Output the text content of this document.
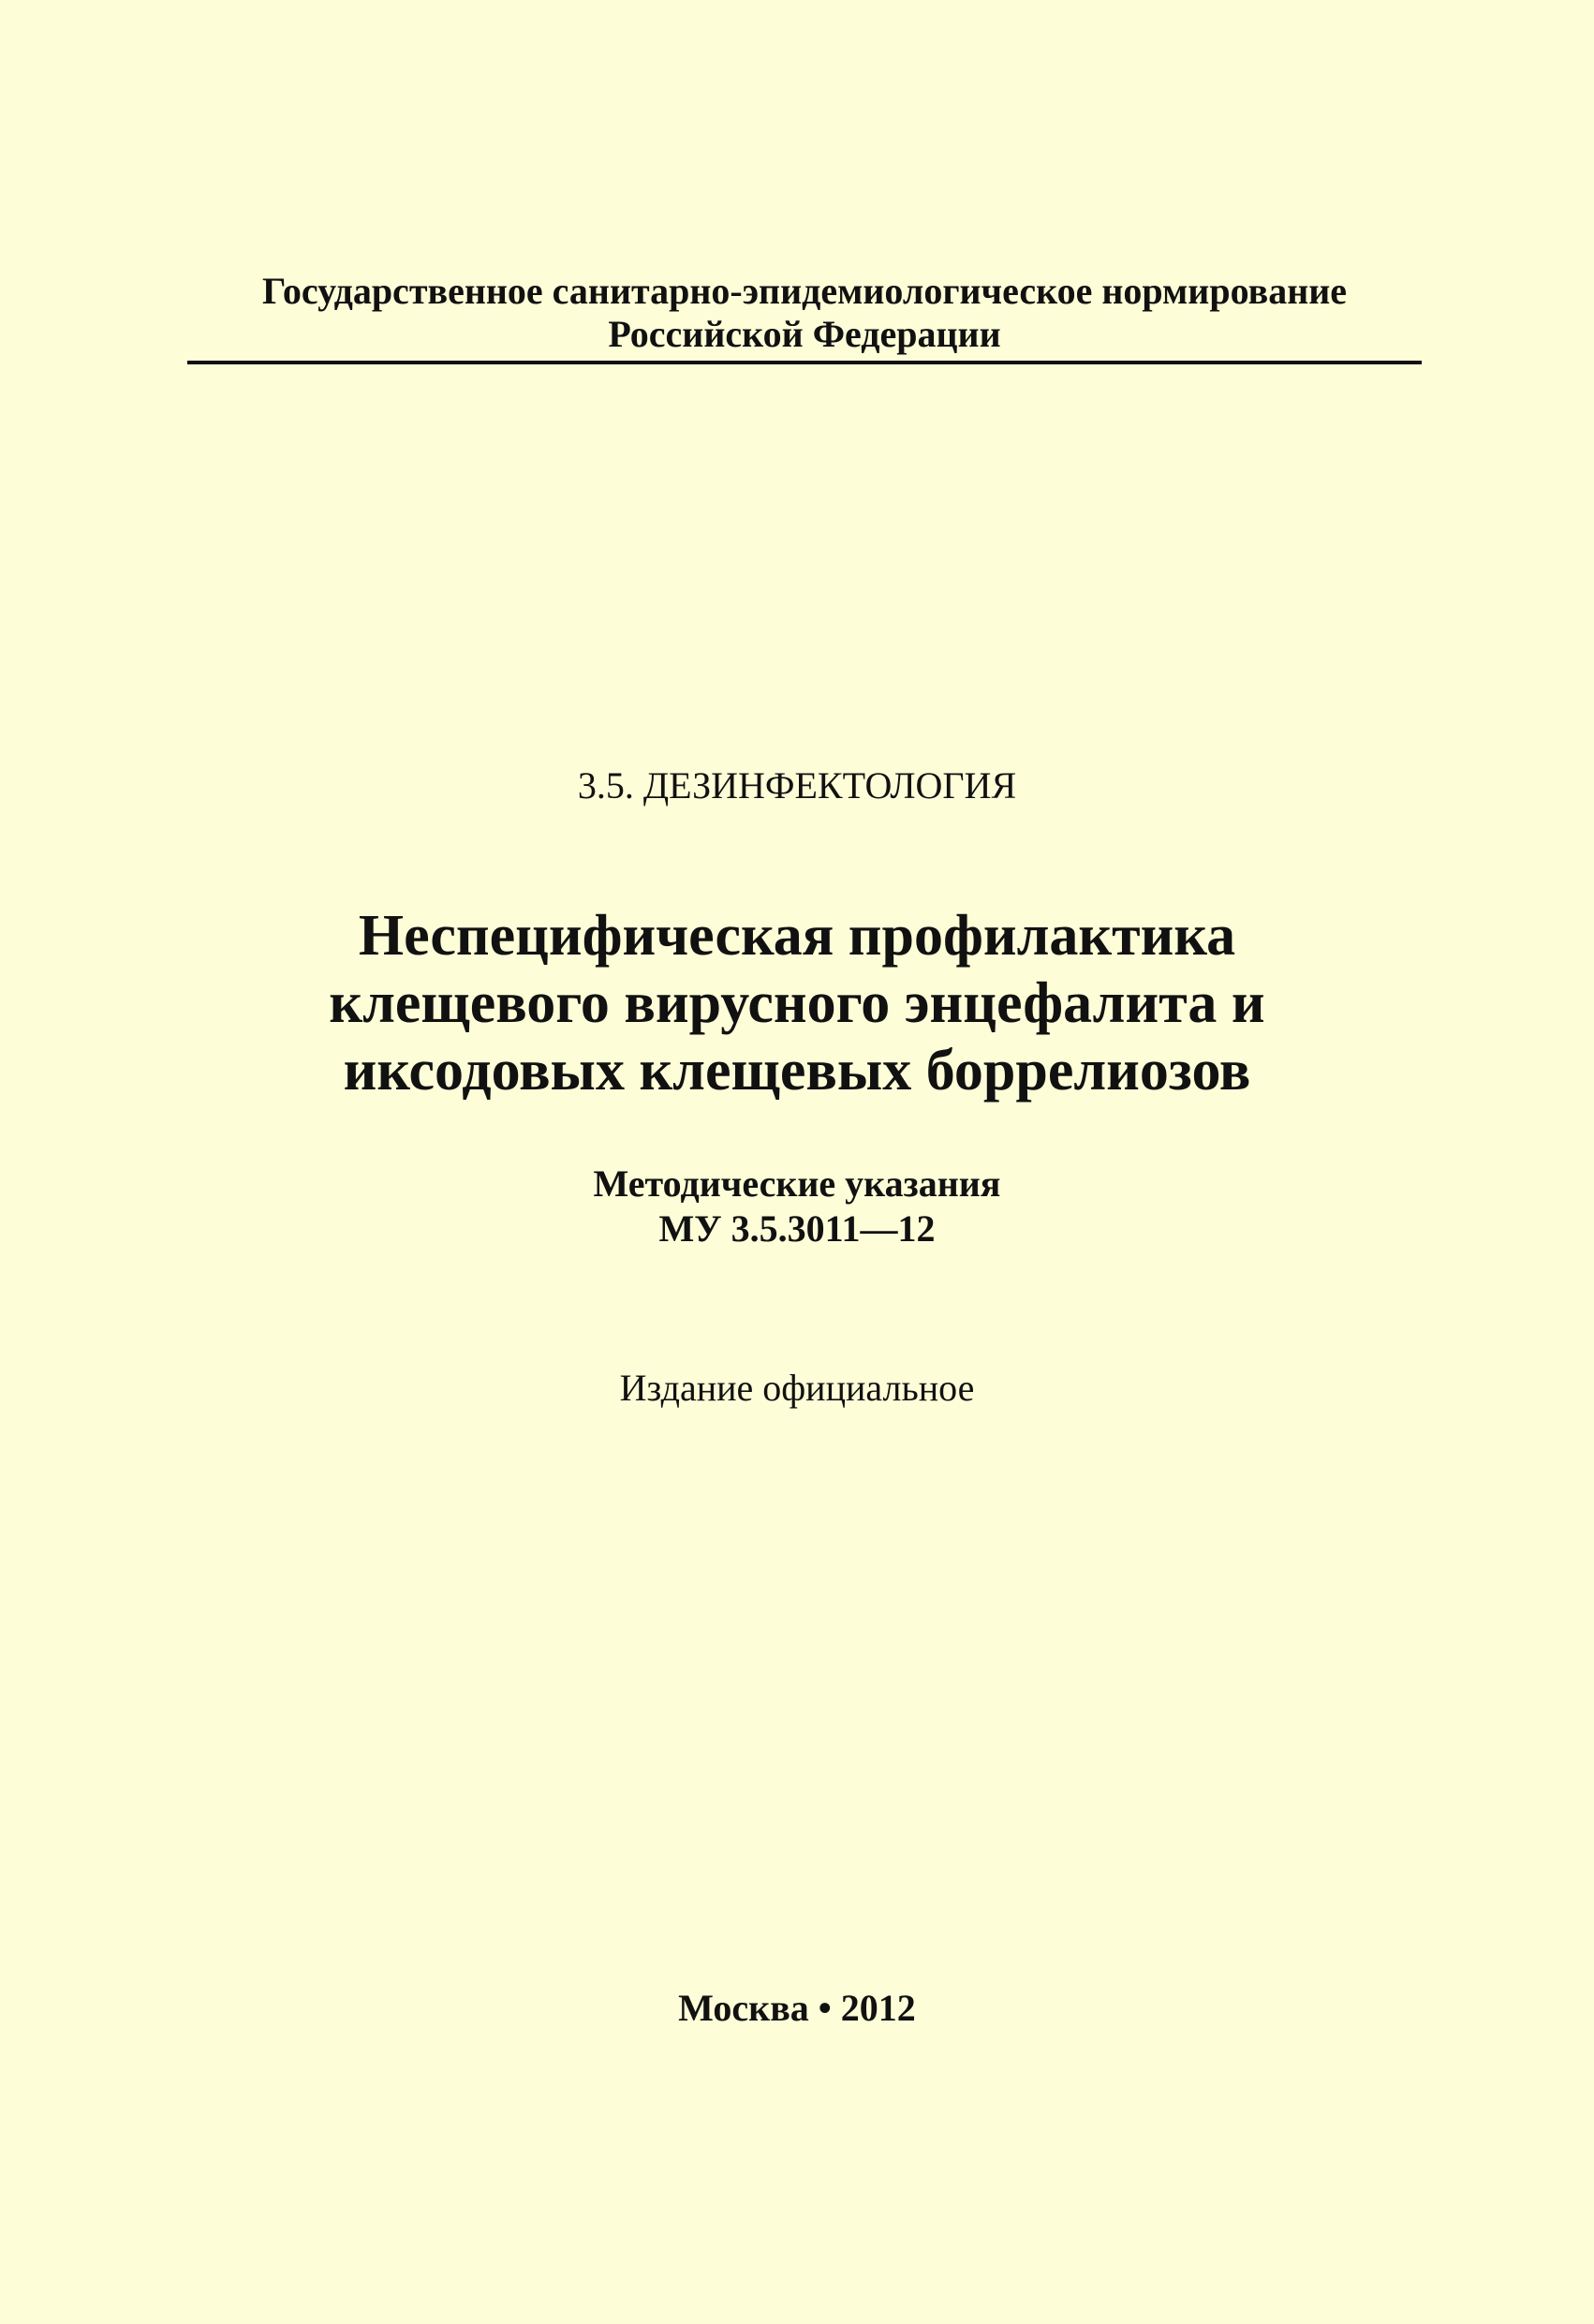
Государственное санитарно-эпидемиологическое нормирование
Российской Федерации
3.5. ДЕЗИНФЕКТОЛОГИЯ
Неспецифическая профилактика
клещевого вирусного энцефалита и
иксодовых клещевых боррелиозов
Методические указания
МУ 3.5.3011—12
Издание официальное
Москва • 2012
